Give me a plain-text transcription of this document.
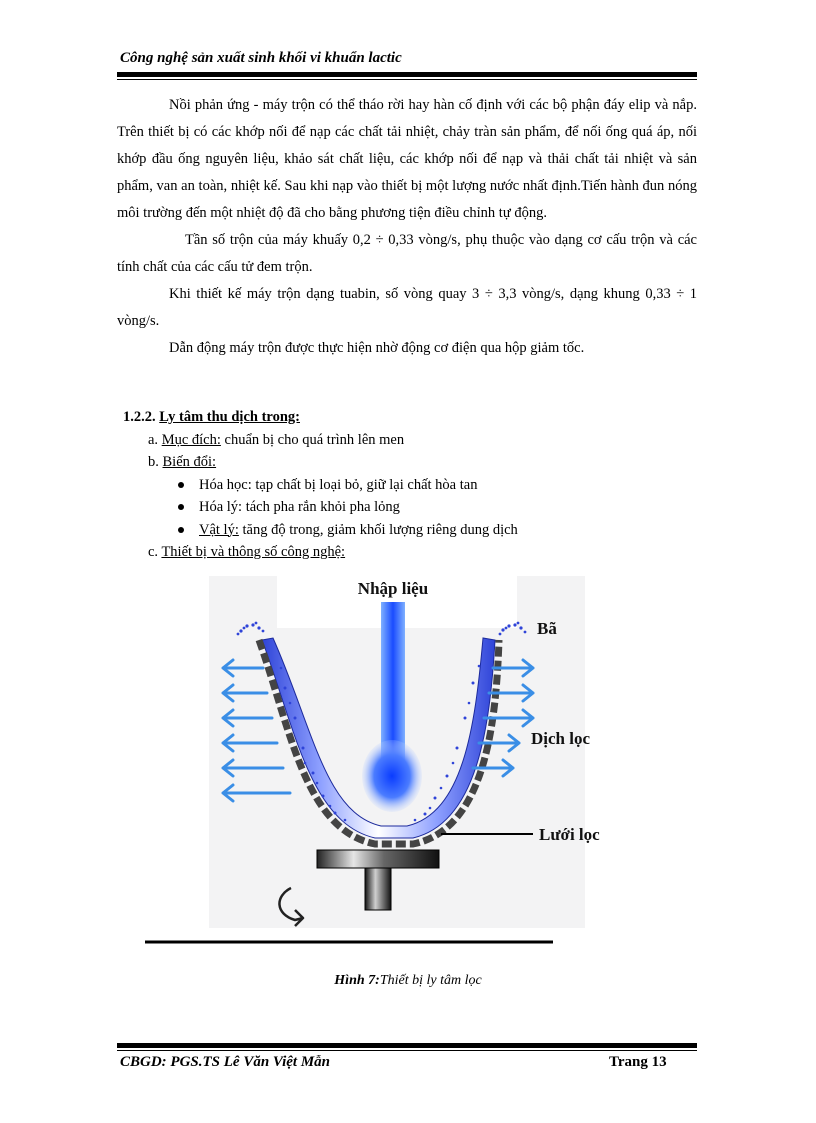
Công nghệ sản xuất sinh khối vi khuẩn lactic

Nồi phản ứng - máy trộn có thể tháo rời hay hàn cố định với các bộ phận đáy elip và nắp. Trên thiết bị có các khớp nối để nạp các chất tải nhiệt, chảy tràn sản phẩm, để nối ống quá áp, nối khớp đầu ống nguyên liệu, khảo sát chất liệu, các khớp nối để nạp và thải chất tải nhiệt và sản phẩm, van an toàn, nhiệt kế. Sau khi nạp vào thiết bị một lượng nước nhất định.Tiến hành đun nóng môi trường đến một nhiệt độ đã cho bằng phương tiện điều chỉnh tự động.

Tần số trộn của máy khuấy 0,2 ÷ 0,33 vòng/s, phụ thuộc vào dạng cơ cấu trộn và các tính chất của các cấu tử đem trộn.

Khi thiết kế máy trộn dạng tuabin, số vòng quay 3 ÷ 3,3 vòng/s, dạng khung 0,33 ÷ 1 vòng/s.

Dẫn động máy trộn được thực hiện nhờ động cơ điện qua hộp giảm tốc.

1.2.2. Ly tâm thu dịch trong:
a. Mục đích: chuẩn bị cho quá trình lên men
b. Biến đổi:
Hóa học: tạp chất bị loại bỏ, giữ lại chất hòa tan
Hóa lý: tách pha rắn khỏi pha lỏng
Vật lý: tăng độ trong, giảm khối lượng riêng dung dịch
c. Thiết bị và thông số công nghệ:
Nhập liệu
Bã
Dịch lọc
Lưới lọc
Hình 7:Thiết bị ly tâm lọc
CBGD: PGS.TS Lê Văn Việt Mẫn	Trang 13
